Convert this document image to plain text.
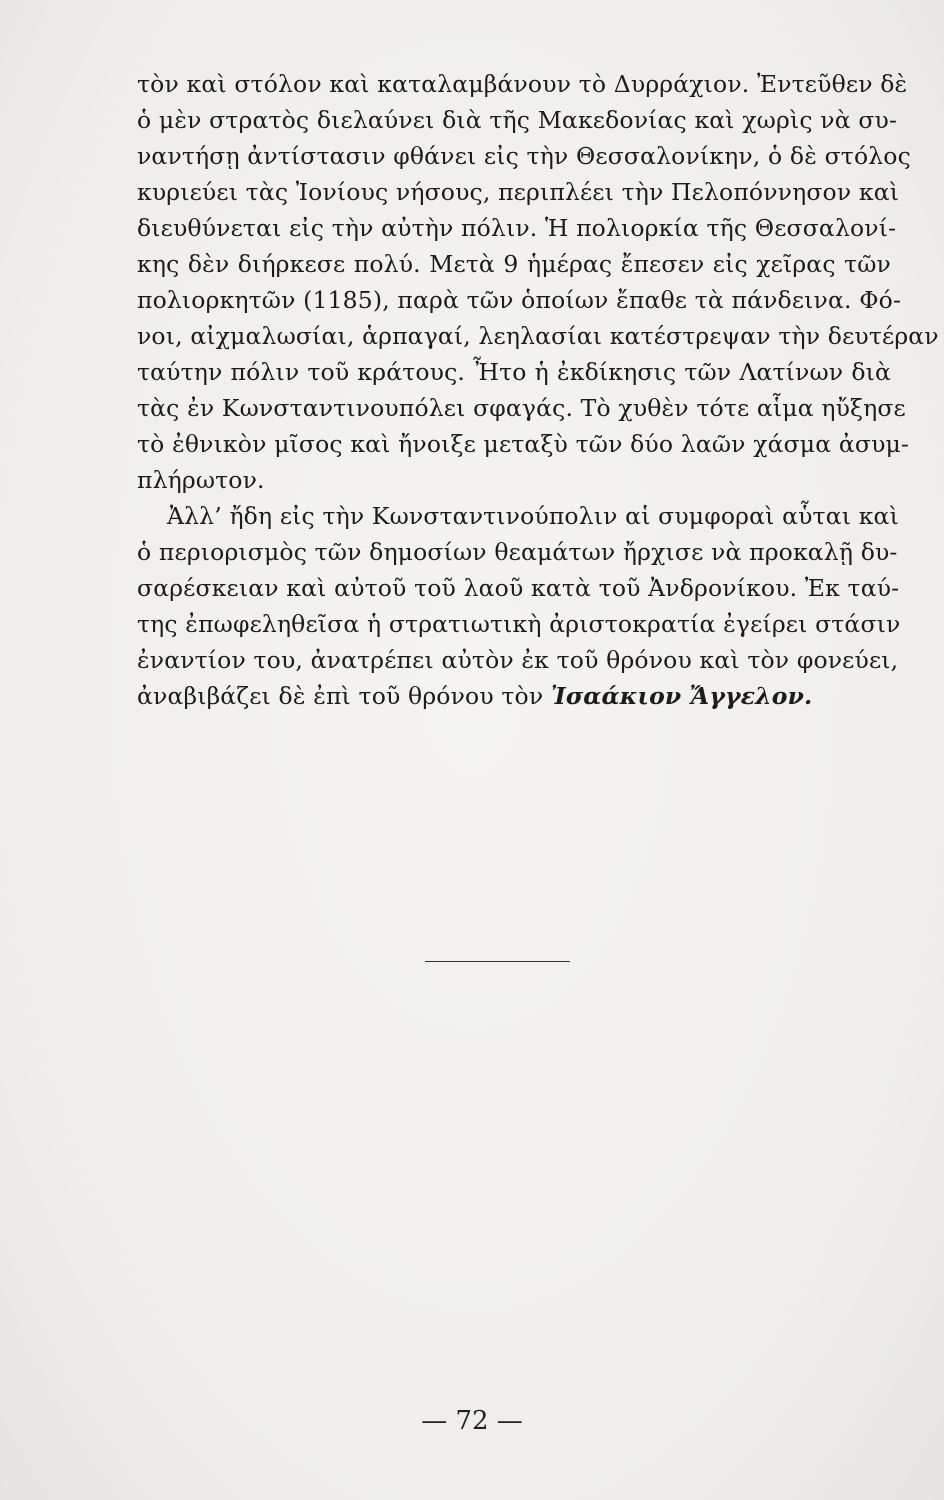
τὸν καὶ στόλον καὶ καταλαμβάνουν τὸ Δυρράχιον. Ἐντεῦθεν δὲ
ὁ μὲν στρατὸς διελαύνει διὰ τῆς Μακεδονίας καὶ χωρὶς νὰ συ-
ναντήσῃ ἀντίστασιν φθάνει εἰς τὴν Θεσσαλονίκην, ὁ δὲ στόλος
κυριεύει τὰς Ἰονίους νήσους, περιπλέει τὴν Πελοπόννησον καὶ
διευθύνεται εἰς τὴν αὐτὴν πόλιν. Ἡ πολιορκία τῆς Θεσσαλονί-
κης δὲν διήρκεσε πολύ. Μετὰ 9 ἡμέρας ἔπεσεν εἰς χεῖρας τῶν
πολιορκητῶν (1185), παρὰ τῶν ὁποίων ἔπαθε τὰ πάνδεινα. Φό-
νοι, αἰχμαλωσίαι, ἁρπαγαί, λεηλασίαι κατέστρεψαν τὴν δευτέραν
ταύτην πόλιν τοῦ κράτους. Ἦτο ἡ ἐκδίκησις τῶν Λατίνων διὰ
τὰς ἐν Κωνσταντινουπόλει σφαγάς. Τὸ χυθὲν τότε αἷμα ηὔξησε
τὸ ἐθνικὸν μῖσος καὶ ἤνοιξε μεταξὺ τῶν δύο λαῶν χάσμα ἀσυμ-
πλήρωτον.
Ἀλλ’ ἤδη εἰς τὴν Κωνσταντινούπολιν αἱ συμφοραὶ αὗται καὶ
ὁ περιορισμὸς τῶν δημοσίων θεαμάτων ἤρχισε νὰ προκαλῇ δυ-
σαρέσκειαν καὶ αὐτοῦ τοῦ λαοῦ κατὰ τοῦ Ἀνδρονίκου. Ἐκ ταύ-
της ἐπωφεληθεῖσα ἡ στρατιωτικὴ ἀριστοκρατία ἐγείρει στάσιν
ἐναντίον του, ἀνατρέπει αὐτὸν ἐκ τοῦ θρόνου καὶ τὸν φονεύει,
ἀναβιβάζει δὲ ἐπὶ τοῦ θρόνου τὸν Ἰσαάκιον Ἄγγελον.
— 72 —
